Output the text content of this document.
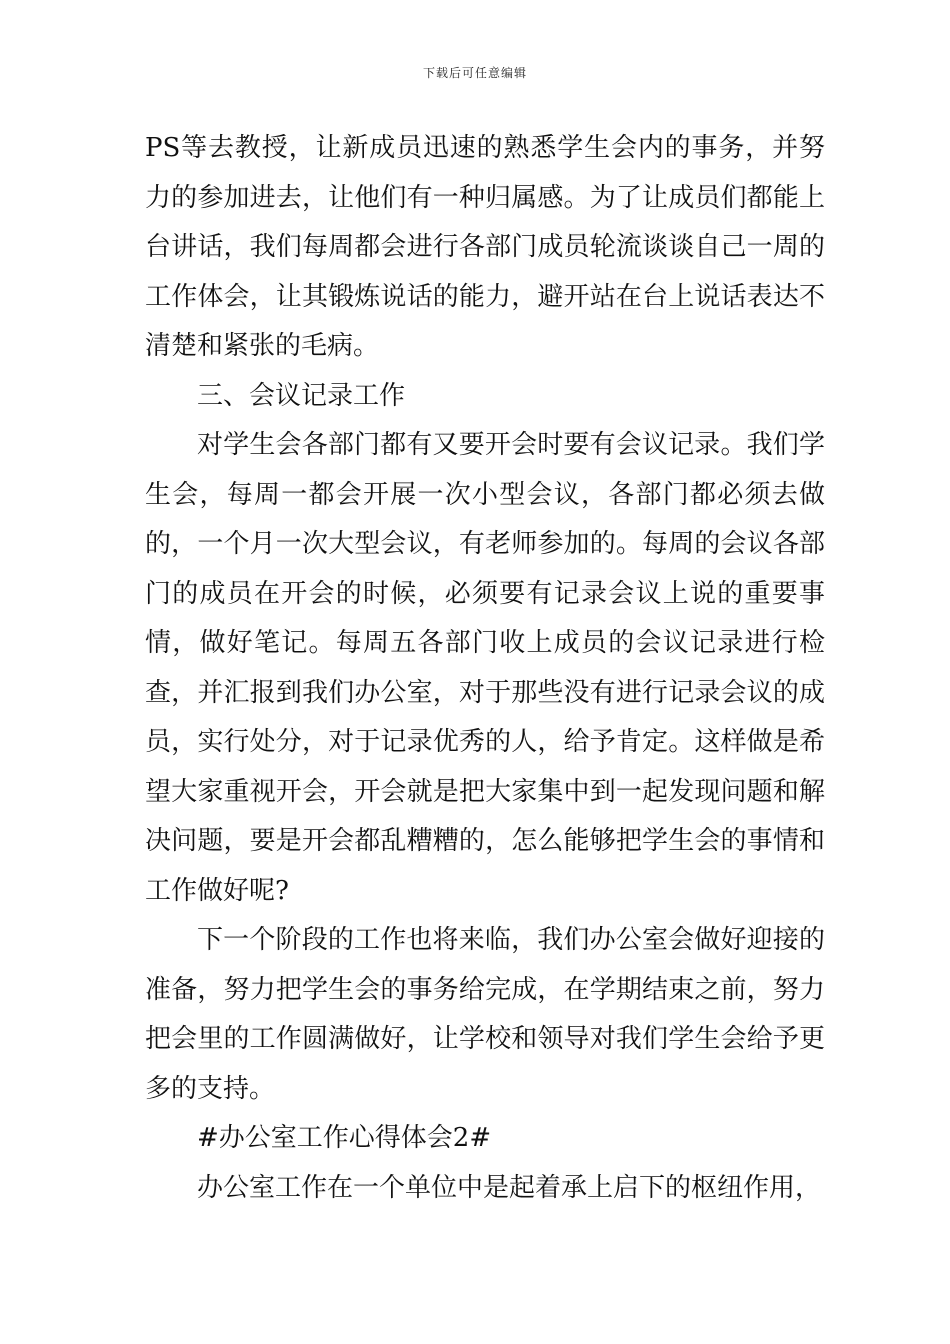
下载后可任意编辑

PS等去教授，让新成员迅速的熟悉学生会内的事务，并努力的参加进去，让他们有一种归属感。为了让成员们都能上台讲话，我们每周都会进行各部门成员轮流谈谈自己一周的工作体会，让其锻炼说话的能力，避开站在台上说话表达不清楚和紧张的毛病。

三、会议记录工作

对学生会各部门都有又要开会时要有会议记录。我们学生会，每周一都会开展一次小型会议，各部门都必须去做的，一个月一次大型会议，有老师参加的。每周的会议各部门的成员在开会的时候，必须要有记录会议上说的重要事情，做好笔记。每周五各部门收上成员的会议记录进行检查，并汇报到我们办公室，对于那些没有进行记录会议的成员，实行处分，对于记录优秀的人，给予肯定。这样做是希望大家重视开会，开会就是把大家集中到一起发现问题和解决问题，要是开会都乱糟糟的，怎么能够把学生会的事情和工作做好呢?

下一个阶段的工作也将来临，我们办公室会做好迎接的准备，努力把学生会的事务给完成，在学期结束之前，努力把会里的工作圆满做好，让学校和领导对我们学生会给予更多的支持。

#办公室工作心得体会2#

办公室工作在一个单位中是起着承上启下的枢纽作用，
